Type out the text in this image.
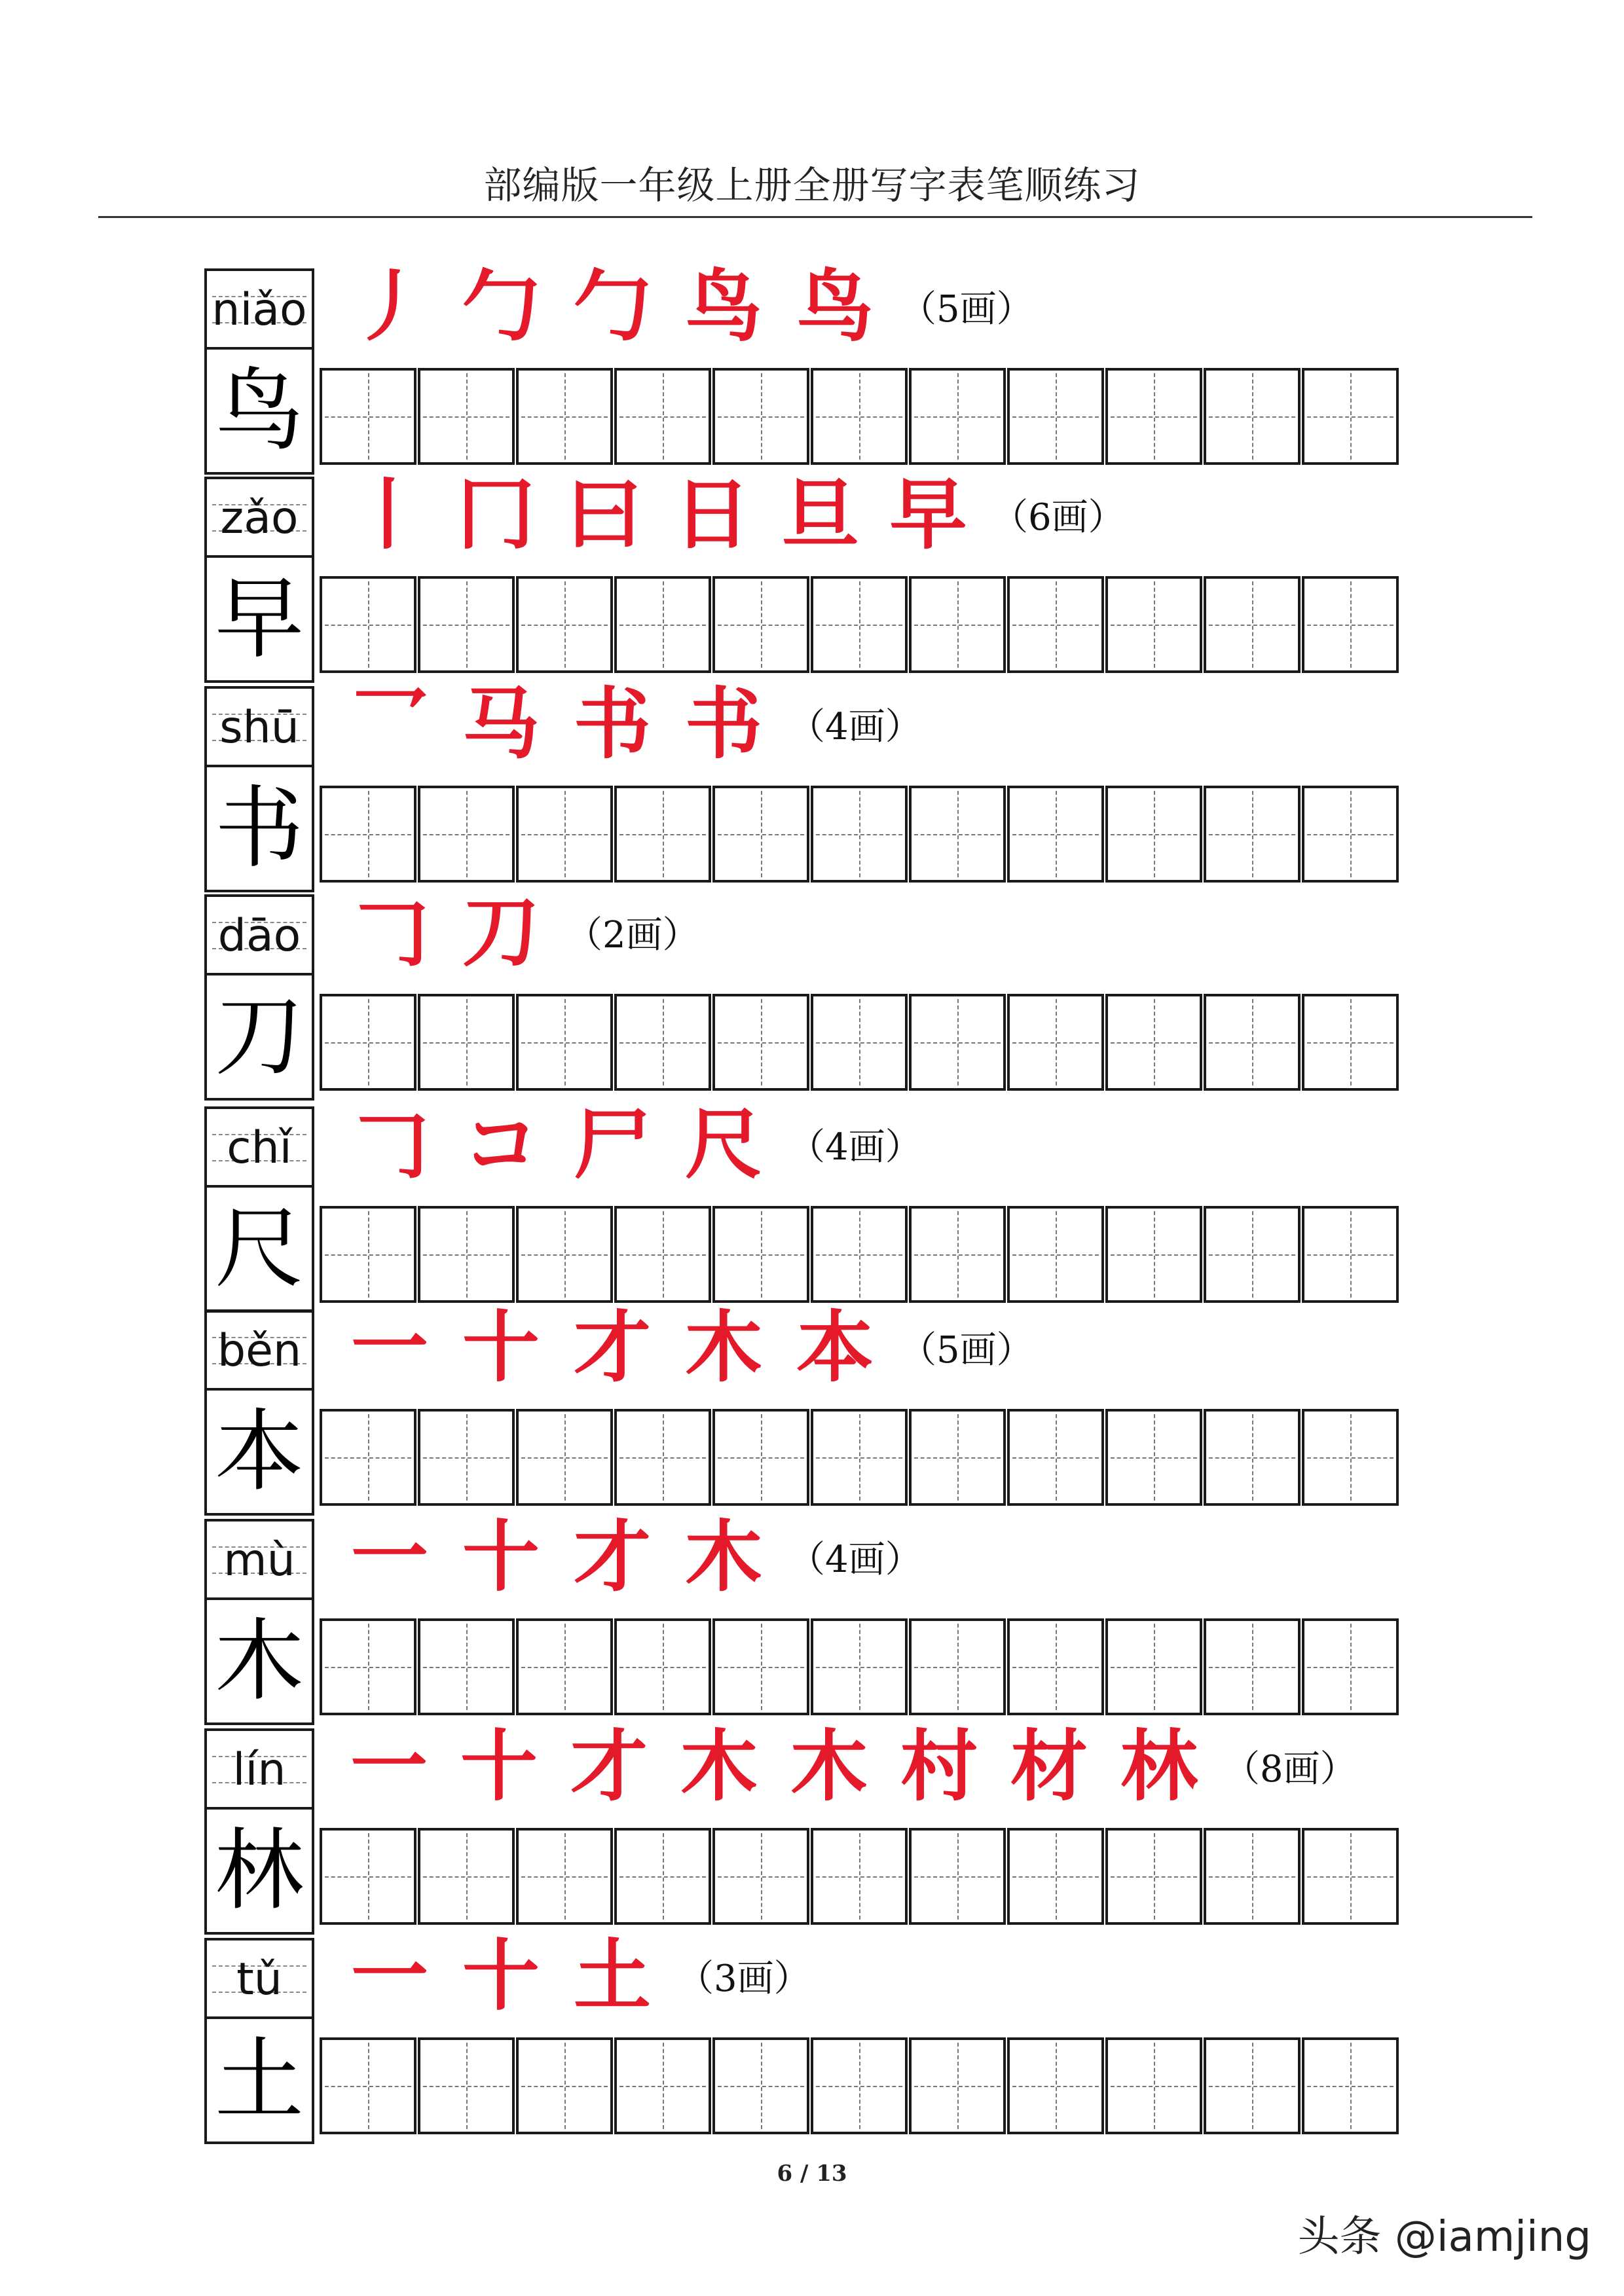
部编版一年级上册全册写字表笔顺练习
niǎo
鸟
丿 勹 勹 鸟 鸟 （5画）
zǎo
早
丨 冂 曰 日 旦 早 （6画）
shū
书
乛 马 书 书 （4画）
dāo
刀
𠃌 刀 （2画）
chǐ
尺
𠃌 コ 尸 尺 （4画）
běn
本
一 十 才 木 本 （5画）
mù
木
一 十 才 木 （4画）
lín
林
一 十 才 木 木 村 材 林 （8画）
tǔ
土
一 十 土 （3画）
6 / 13
头条 @iamjing
